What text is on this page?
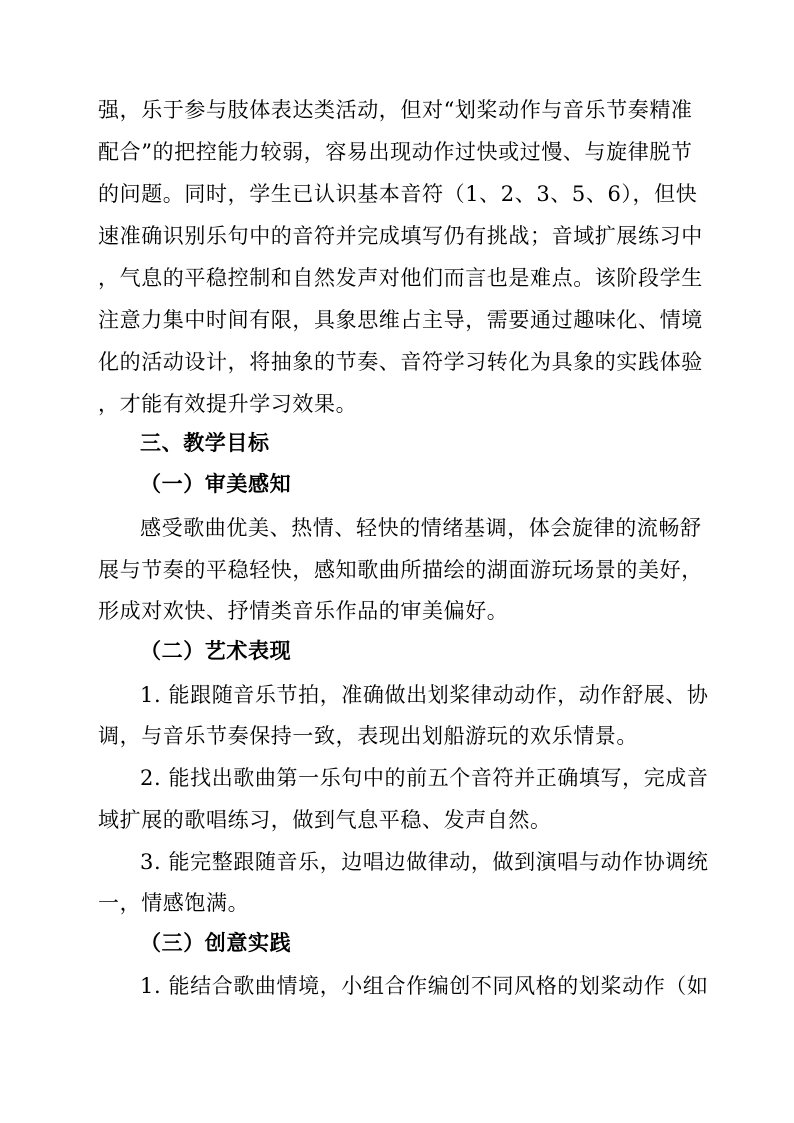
强，乐于参与肢体表达类活动，但对“划桨动作与音乐节奏精准
配合”的把控能力较弱，容易出现动作过快或过慢、与旋律脱节
的问题。同时，学生已认识基本音符（1、2、3、5、6），但快
速准确识别乐句中的音符并完成填写仍有挑战；音域扩展练习中
，气息的平稳控制和自然发声对他们而言也是难点。该阶段学生
注意力集中时间有限，具象思维占主导，需要通过趣味化、情境
化的活动设计，将抽象的节奏、音符学习转化为具象的实践体验
，才能有效提升学习效果。
三、教学目标
（一）审美感知
感受歌曲优美、热情、轻快的情绪基调，体会旋律的流畅舒
展与节奏的平稳轻快，感知歌曲所描绘的湖面游玩场景的美好，
形成对欢快、抒情类音乐作品的审美偏好。
（二）艺术表现
1. 能跟随音乐节拍，准确做出划桨律动动作，动作舒展、协
调，与音乐节奏保持一致，表现出划船游玩的欢乐情景。
2. 能找出歌曲第一乐句中的前五个音符并正确填写，完成音
域扩展的歌唱练习，做到气息平稳、发声自然。
3. 能完整跟随音乐，边唱边做律动，做到演唱与动作协调统
一，情感饱满。
（三）创意实践
1. 能结合歌曲情境，小组合作编创不同风格的划桨动作（如
